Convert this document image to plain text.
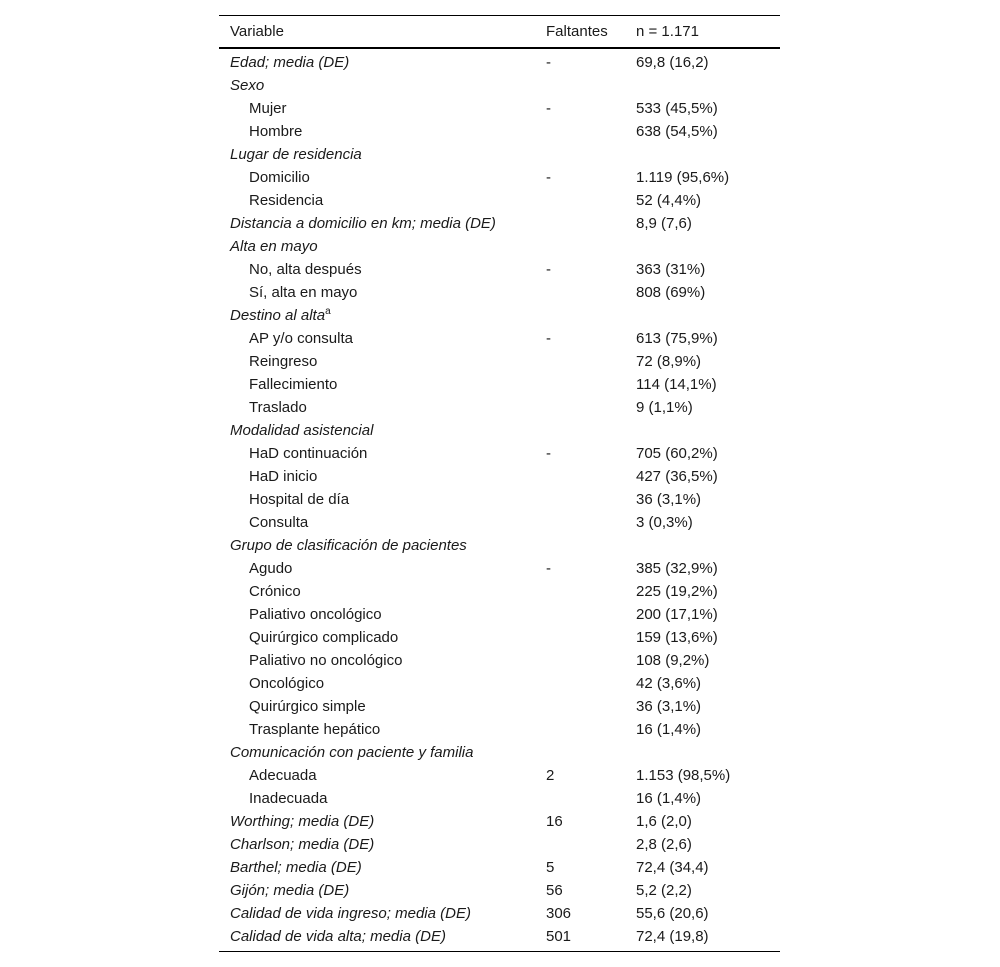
Variable	Faltantes	n = 1.171
Edad; media (DE)	-	69,8 (16,2)
Sexo		
Mujer	-	533 (45,5%)
Hombre		638 (54,5%)
Lugar de residencia		
Domicilio	-	1.119 (95,6%)
Residencia		52 (4,4%)
Distancia a domicilio en km; media (DE)		8,9 (7,6)
Alta en mayo		
No, alta después	-	363 (31%)
Sí, alta en mayo		808 (69%)
Destino al alta$^a$		
AP y/o consulta	-	613 (75,9%)
Reingreso		72 (8,9%)
Fallecimiento		114 (14,1%)
Traslado		9 (1,1%)
Modalidad asistencial		
HaD continuación	-	705 (60,2%)
HaD inicio		427 (36,5%)
Hospital de día		36 (3,1%)
Consulta		3 (0,3%)
Grupo de clasificación de pacientes		
Agudo	-	385 (32,9%)
Crónico		225 (19,2%)
Paliativo oncológico		200 (17,1%)
Quirúrgico complicado		159 (13,6%)
Paliativo no oncológico		108 (9,2%)
Oncológico		42 (3,6%)
Quirúrgico simple		36 (3,1%)
Trasplante hepático		16 (1,4%)
Comunicación con paciente y familia		
Adecuada	2	1.153 (98,5%)
Inadecuada		16 (1,4%)
Worthing; media (DE)	16	1,6 (2,0)
Charlson; media (DE)		2,8 (2,6)
Barthel; media (DE)	5	72,4 (34,4)
Gijón; media (DE)	56	5,2 (2,2)
Calidad de vida ingreso; media (DE)	306	55,6 (20,6)
Calidad de vida alta; media (DE)	501	72,4 (19,8)
